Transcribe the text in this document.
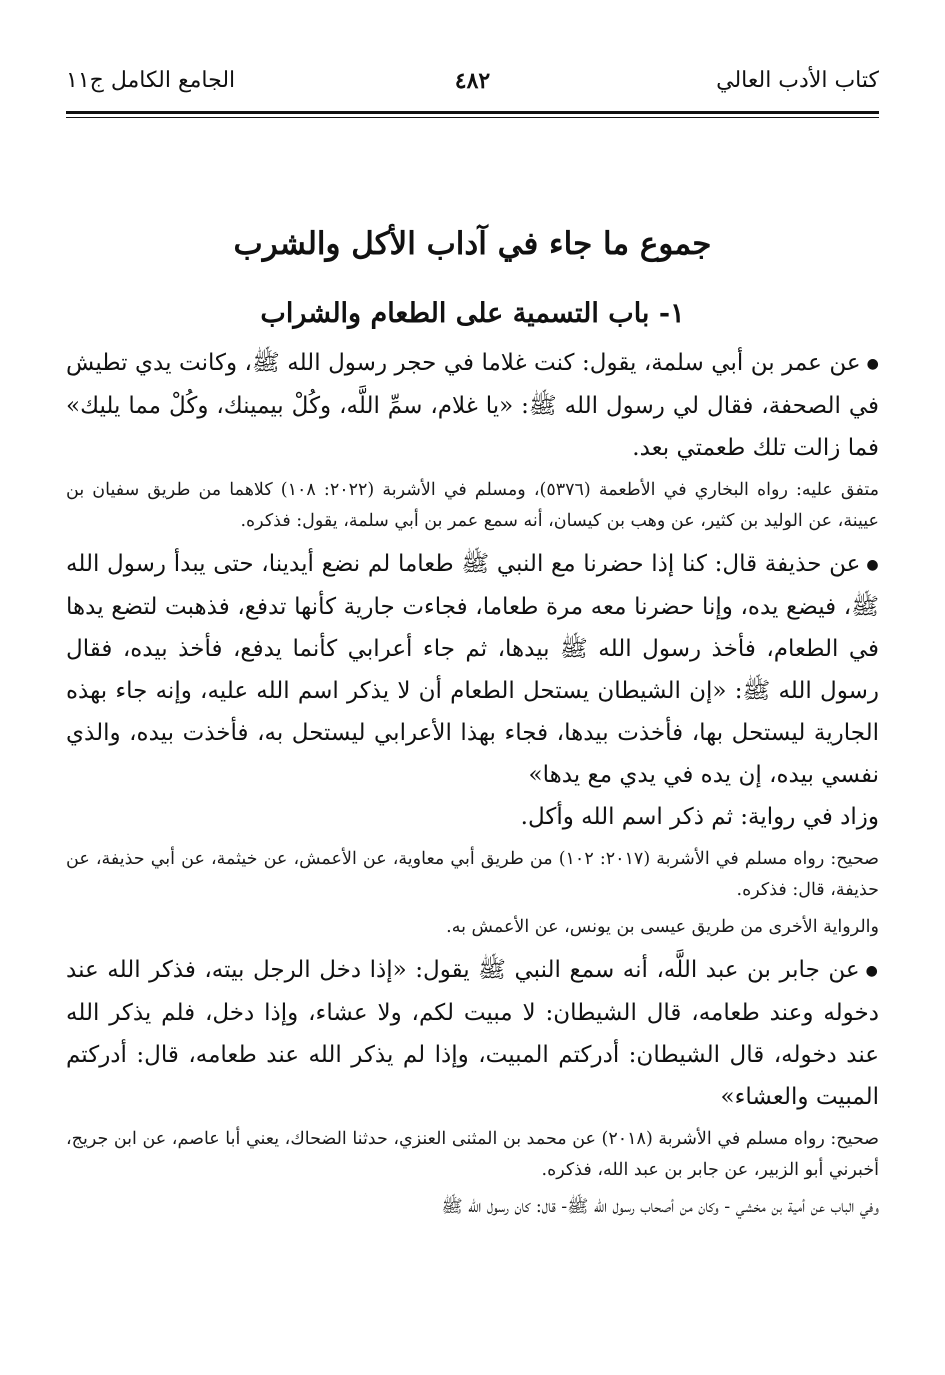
كتاب الأدب العالي
٤٨٢
الجامع الكامل ج١١
جموع ما جاء في آداب الأكل والشرب
١- باب التسمية على الطعام والشراب

●عن عمر بن أبي سلمة، يقول: كنت غلاما في حجر رسول الله ﷺ، وكانت يدي تطيش في الصحفة، فقال لي رسول الله ﷺ: «يا غلام، سمِّ اللَّه، وكُلْ بيمينك، وكُلْ مما يليك» فما زالت تلك طعمتي بعد.

متفق عليه: رواه البخاري في الأطعمة (٥٣٧٦)، ومسلم في الأشربة (٢٠٢٢: ١٠٨) كلاهما من طريق سفيان بن عيينة، عن الوليد بن كثير، عن وهب بن كيسان، أنه سمع عمر بن أبي سلمة، يقول: فذكره.

●عن حذيفة قال: كنا إذا حضرنا مع النبي ﷺ طعاما لم نضع أيدينا، حتى يبدأ رسول الله ﷺ، فيضع يده، وإنا حضرنا معه مرة طعاما، فجاءت جارية كأنها تدفع، فذهبت لتضع يدها في الطعام، فأخذ رسول الله ﷺ بيدها، ثم جاء أعرابي كأنما يدفع، فأخذ بيده، فقال رسول الله ﷺ: «إن الشيطان يستحل الطعام أن لا يذكر اسم الله عليه، وإنه جاء بهذه الجارية ليستحل بها، فأخذت بيدها، فجاء بهذا الأعرابي ليستحل به، فأخذت بيده، والذي نفسي بيده، إن يده في يدي مع يدها»

وزاد في رواية: ثم ذكر اسم الله وأكل.

صحيح: رواه مسلم في الأشربة (٢٠١٧: ١٠٢) من طريق أبي معاوية، عن الأعمش، عن خيثمة، عن أبي حذيفة، عن حذيفة، قال: فذكره.

والرواية الأخرى من طريق عيسى بن يونس، عن الأعمش به.

●عن جابر بن عبد اللَّه، أنه سمع النبي ﷺ يقول: «إذا دخل الرجل بيته، فذكر الله عند دخوله وعند طعامه، قال الشيطان: لا مبيت لكم، ولا عشاء، وإذا دخل، فلم يذكر الله عند دخوله، قال الشيطان: أدركتم المبيت، وإذا لم يذكر الله عند طعامه، قال: أدركتم المبيت والعشاء»

صحيح: رواه مسلم في الأشربة (٢٠١٨) عن محمد بن المثنى العنزي، حدثنا الضحاك، يعني أبا عاصم، عن ابن جريج، أخبرني أبو الزبير، عن جابر بن عبد الله، فذكره.

وفي الباب عن أمية بن مخشي - وكان من أصحاب رسول الله ﷺ- قال: كان رسول الله ﷺ
